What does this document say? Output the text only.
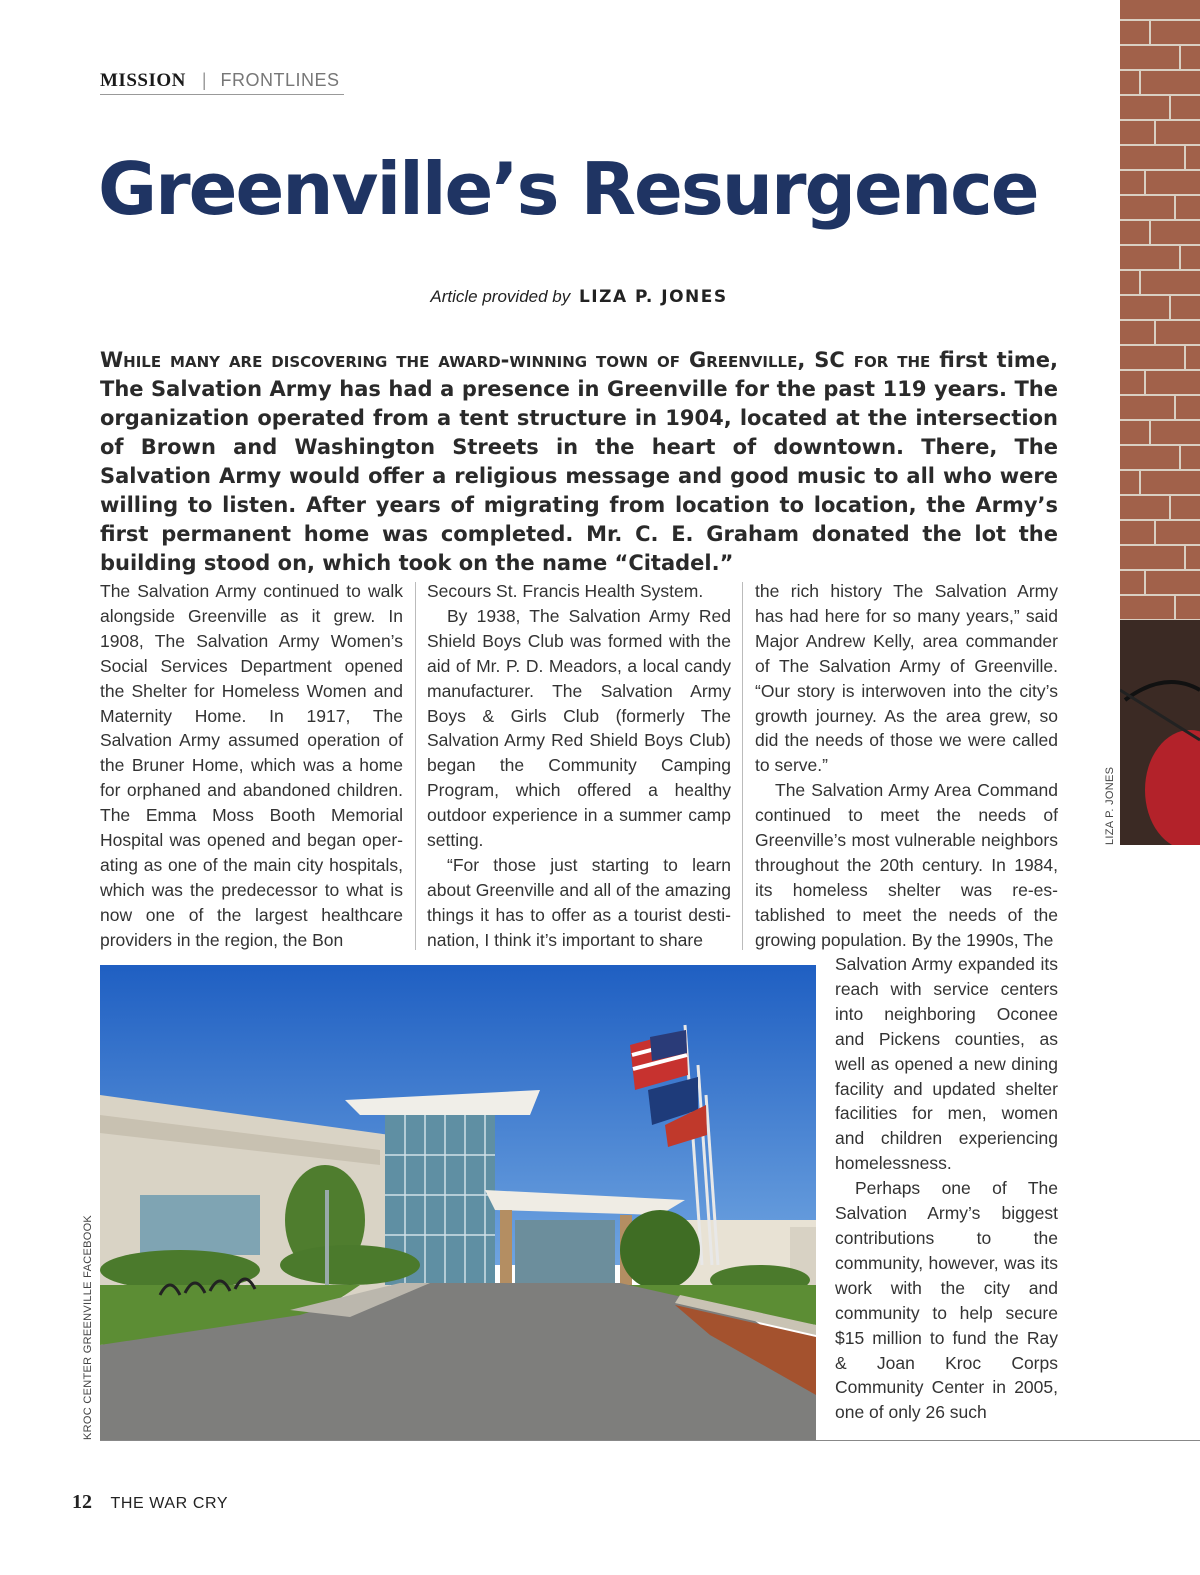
MISSION | FRONTLINES
Greenville’s Resurgence
Article provided by LIZA P. JONES

While many are discovering the award-winning town of Greenville, SC for the first time, The Salvation Army has had a presence in Greenville for the past 119 years. The organization operated from a tent structure in 1904, located at the intersection of Brown and Washington Streets in the heart of downtown. There, The Salvation Army would offer a religious message and good music to all who were willing to listen. After years of migrating from location to location, the Army’s first permanent home was completed. Mr. C. E. Graham donated the lot the building stood on, which took on the name “Citadel.”

The Salvation Army continued to walk alongside Greenville as it grew. In 1908, The Salvation Army Women’s Social Services Department opened the Shelter for Homeless Women and Maternity Home. In 1917, The Salvation Army assumed operation of the Bruner Home, which was a home for orphaned and abandoned children. The Emma Moss Booth Memorial Hospital was opened and began operating as one of the main city hospitals, which was the predecessor to what is now one of the largest healthcare providers in the region, the Bon

Secours St. Francis Health System.

By 1938, The Salvation Army Red Shield Boys Club was formed with the aid of Mr. P. D. Meadors, a local candy manufacturer. The Salvation Army Boys & Girls Club (formerly The Salvation Army Red Shield Boys Club) began the Community Camping Program, which offered a healthy outdoor experience in a summer camp setting.

“For those just starting to learn about Greenville and all of the amazing things it has to offer as a tourist destination, I think it’s important to share

the rich history The Salvation Army has had here for so many years,” said Major Andrew Kelly, area commander of The Salvation Army of Greenville. “Our story is interwoven into the city’s growth journey. As the area grew, so did the needs of those we were called to serve.”

The Salvation Army Area Command continued to meet the needs of Greenville’s most vulnerable neighbors throughout the 20th century. In 1984, its homeless shelter was re-established to meet the needs of the growing population. By the 1990s, The

Salvation Army expanded its reach with service centers into neighboring Oconee and Pickens counties, as well as opened a new dining facility and updated shelter facilities for men, women and children experiencing homelessness.

Perhaps one of The Salvation Army’s biggest contributions to the community, however, was its work with the city and community to help secure $15 million to fund the Ray & Joan Kroc Corps Community Center in 2005, one of only 26 such

KROC CENTER GREENVILLE FACEBOOK
LIZA P. JONES
12 THE WAR CRY
